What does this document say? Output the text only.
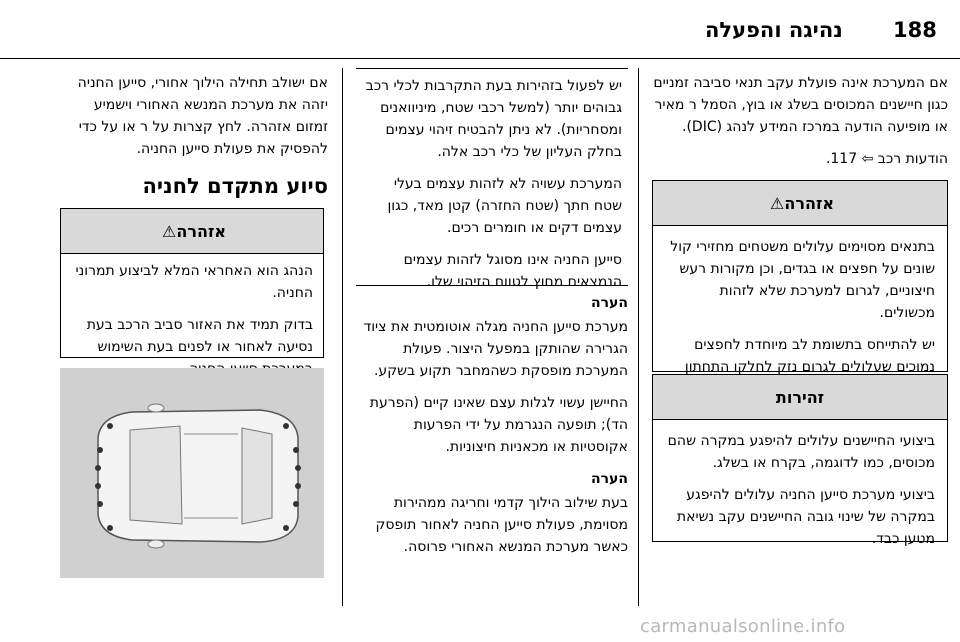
נהיגה והפעלה 188

אם המערכת אינה פועלת עקב תנאי סביבה זמניים כגון חיישנים המכוסים בשלג או בוץ, הסמל ר מאיר או מופיעה הודעה במרכז המידע לנהג (DIC).

הודעות רכב ⇦ 117.

אזהרה
⚠

בתנאים מסוימים עלולים משטחים מחזירי קול שונים על חפצים או בגדים, וכן מקורות רעש חיצוניים, לגרום למערכת שלא לזהות מכשולים.

יש להתייחס בתשומת לב מיוחדת לחפצים נמוכים שעלולים לגרום נזק לחלקו התחתון

זהירות

ביצועי החיישנים עלולים להיפגע במקרה שהם מכוסים, כמו לדוגמה, בקרח או בשלג.

ביצועי מערכת סייען החניה עלולים להיפגע במקרה של שינוי גובה החיישנים עקב נשיאת מטען כבד.

יש לפעול בזהירות בעת התקרבות לכלי רכב גבוהים יותר (למשל רכבי שטח, מיניוואנים ומסחריות). לא ניתן להבטיח זיהוי עצמים בחלק העליון של כלי רכב אלה.

המערכת עשויה לא לזהות עצמים בעלי שטח חתך (שטח החזרה) קטן מאד, כגון עצמים דקים או חומרים רכים.

סייען החניה אינו מסוגל לזהות עצמים הנמצאים מחוץ לטווח הזיהוי שלו.

הערה

מערכת סייען החניה מגלה אוטומטית את ציוד הגרירה שהותקן במפעל היצור. פעולת המערכת מופסקת כשהמחבר תקוע בשקע.

החיישן עשוי לגלות עצם שאינו קיים (הפרעת הד); תופעה הנגרמת על ידי הפרעות אקוסטיות או מכאניות חיצוניות.

הערה

בעת שילוב הילוך קדמי וחריגה ממהירות מסוימת, פעולת סייען החניה לאחור תופסק כאשר מערכת המנשא האחורי פרוסה.

אם ישולב תחילה הילוך אחורי, סייען החניה יזהה את מערכת המנשא האחורי וישמיע זמזום אזהרה. לחץ קצרות על ר או על כדי להפסיק את פעולת סייען החניה.

סיוע מתקדם לחניה
אזהרה
⚠

הנהג הוא האחראי המלא לביצוע תמרוני החניה.

בדוק תמיד את האזור סביב הרכב בעת נסיעה לאחור או לפנים בעת השימוש

carmanualsonline.info
